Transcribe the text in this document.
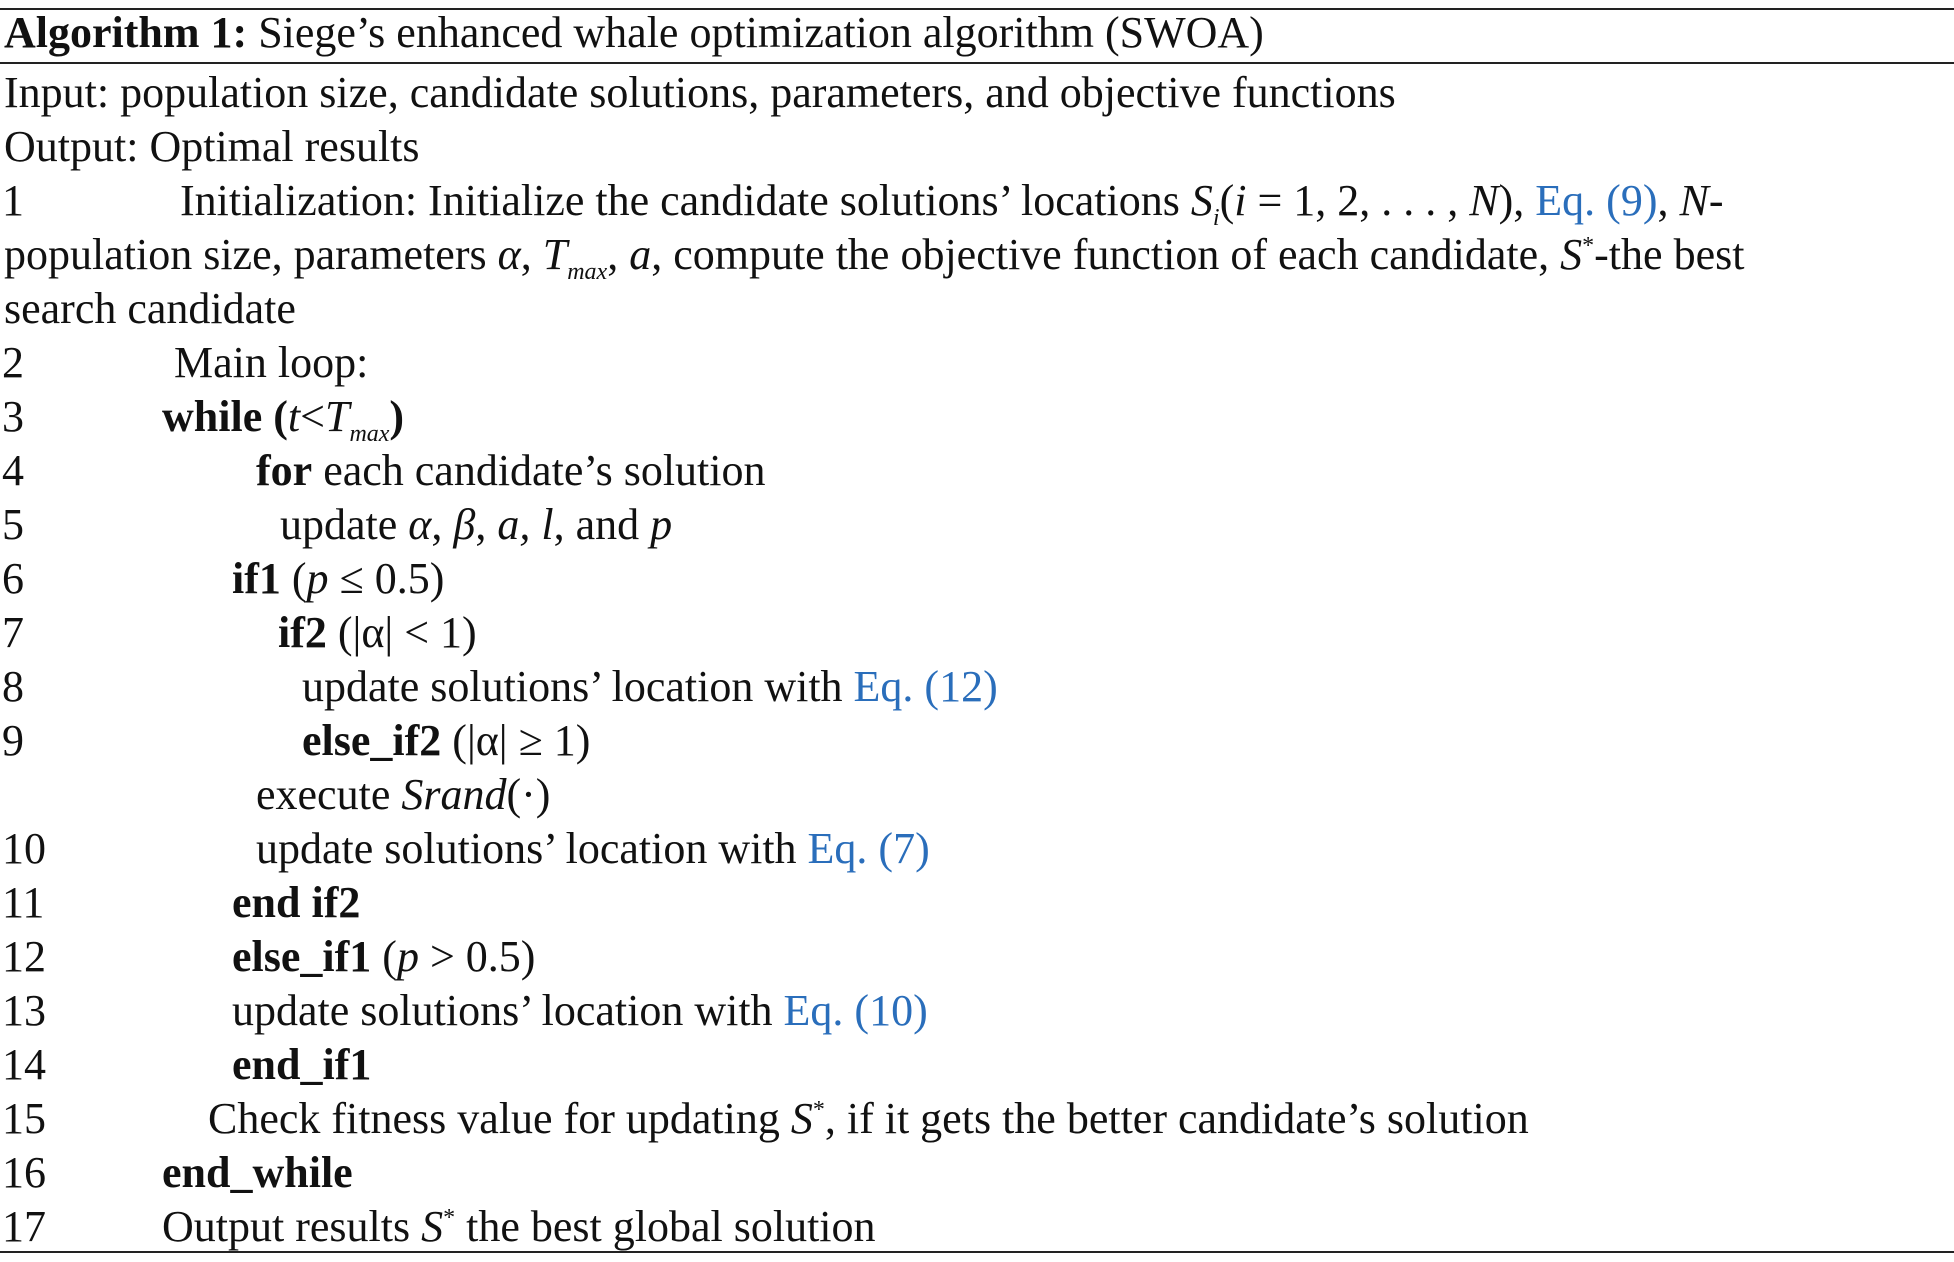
Algorithm 1: Siege’s enhanced whale optimization algorithm (SWOA)
Input: population size, candidate solutions, parameters, and objective functions
Output: Optimal results
1	Initialization: Initialize the candidate solutions’ locations $S_i(i = 1$, 2, . . . , N), Eq. (9), N-
population size, parameters α, $T_{max}$, a, compute the objective function of each candidate, S*-the best
search candidate
2	Main loop:
3	while $(t<T_{max})$
4	for each candidate’s solution
5	update α, β, a, l, and p
6	if1 (p ≤ 0.5)
7	if2 (|α| < 1)
8	update solutions’ location with Eq. (12)
9	else_if2 (|α| ≥ 1)
execute Srand(·)
10	update solutions’ location with Eq. (7)
11	end if2
12	else_if1 (p > 0.5)
13	update solutions’ location with Eq. (10)
14	end_if1
15	Check fitness value for updating S*, if it gets the better candidate’s solution
16	end_while
17	Output results S* the best global solution
